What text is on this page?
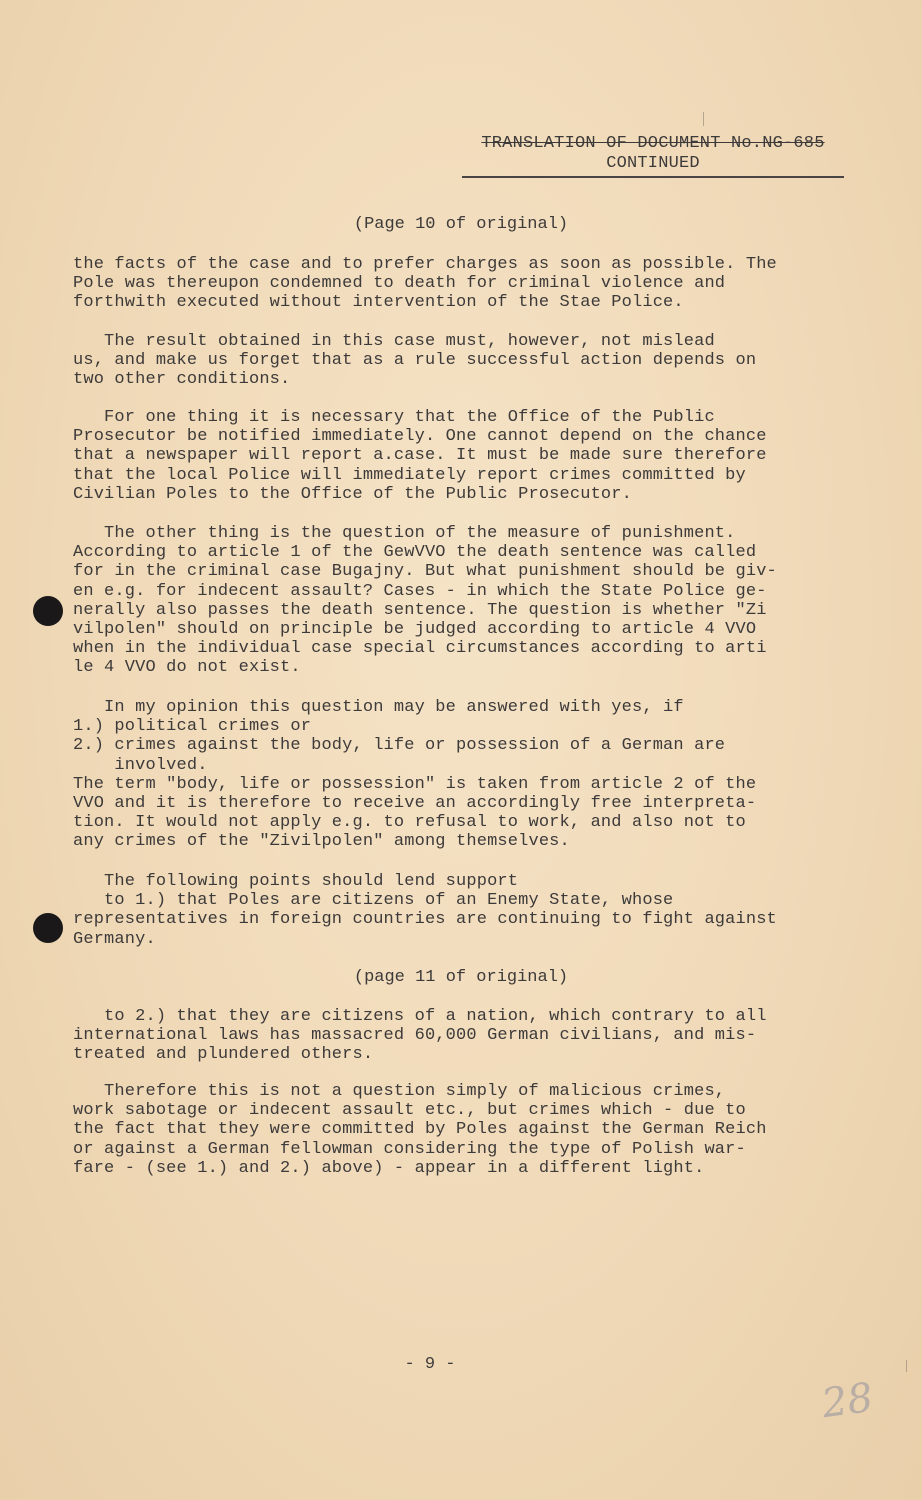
TRANSLATION OF DOCUMENT No.NG-685
CONTINUED
(Page 10 of original)
the facts of the case and to prefer charges as soon as possible. The
Pole was thereupon condemned to death for criminal violence and
forthwith executed without intervention of the Stae Police.
The result obtained in this case must, however, not mislead
us, and make us forget that as a rule successful action depends on
two other conditions.
For one thing it is necessary that the Office of the Public
Prosecutor be notified immediately. One cannot depend on the chance
that a newspaper will report a.case. It must be made sure therefore
that the local Police will immediately report crimes committed by
Civilian Poles to the Office of the Public Prosecutor.
The other thing is the question of the measure of punishment.
According to article 1 of the GewVVO the death sentence was called
for in the criminal case Bugajny. But what punishment should be giv-
en e.g. for indecent assault? Cases - in which the State Police ge-
nerally also passes the death sentence. The question is whether "Zi
vilpolen" should on principle be judged according to article 4 VVO
when in the individual case special circumstances according to arti
le 4 VVO do not exist.
In my opinion this question may be answered with yes, if
1.) political crimes or
2.) crimes against the body, life or possession of a German are
involved.
The term "body, life or possession" is taken from article 2 of the
VVO and it is therefore to receive an accordingly free interpreta-
tion. It would not apply e.g. to refusal to work, and also not to
any crimes of the "Zivilpolen" among themselves.
The following points should lend support
to 1.) that Poles are citizens of an Enemy State, whose
representatives in foreign countries are continuing to fight against
Germany.
(page 11 of original)
to 2.) that they are citizens of a nation, which contrary to all
international laws has massacred 60,000 German civilians, and mis-
treated and plundered others.
Therefore this is not a question simply of malicious crimes,
work sabotage or indecent assault etc., but crimes which - due to
the fact that they were committed by Poles against the German Reich
or against a German fellowman considering the type of Polish war-
fare - (see 1.) and 2.) above) - appear in a different light.
- 9 -
28
